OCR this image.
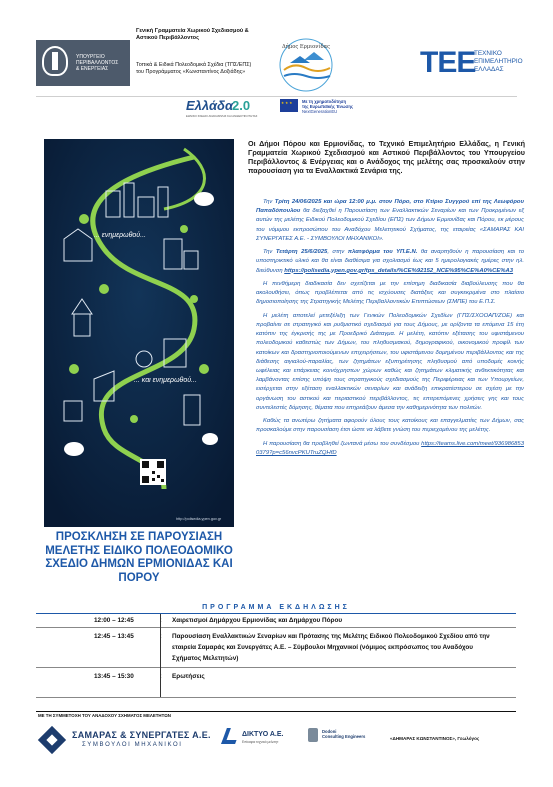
ΥΠΟΥΡΓΕΙΟ
ΠΕΡΙΒΑΛΛΟΝΤΟΣ
& ΕΝΕΡΓΕΙΑΣ
Γενική Γραμματεία Χωρικού Σχεδιασμού & Αστικού Περιβάλλοντος
Τοπικά & Ειδικά Πολεοδομικά Σχέδια (ΤΠΣ/ΕΠΣ) του Προγράμματος «Κωνσταντίνος Δοξιάδης»
Δήμος Ερμιονίδας	ΤΕΕ
ΤΕΧΝΙΚΟ
ΕΠΙΜΕΛΗΤΗΡΙΟ
ΕΛΛΑΔΑΣ
Ελλάδα
2.0
ΕΘΝΙΚΟ ΣΧΕΔΙΟ ΑΝΑΚΑΜΨΗΣ ΚΑΙ ΑΝΘΕΚΤΙΚΟΤΗΤΑΣ
★ ★ ★
Με τη χρηματοδότηση
της Ευρωπαϊκής Ένωσης
NextGenerationEU
... ενημερωθού...
... και ενημερωθού...
http://polisedia.ypen.gov.gr
ΠΡΟΣΚΛΗΣΗ ΣΕ ΠΑΡΟΥΣΙΑΣΗ ΜΕΛΕΤΗΣ ΕΙΔΙΚΟ ΠΟΛΕΟΔΟΜΙΚΟ ΣΧΕΔΙΟ ΔΗΜΩΝ ΕΡΜΙΟΝΙΔΑΣ ΚΑΙ ΠΟΡΟΥ
Οι Δήμοι Πόρου και Ερμιονίδας, το Τεχνικό Επιμελητήριο Ελλάδας, η Γενική Γραμματεία Χωρικού Σχεδιασμού και Αστικού Περιβάλλοντος του Υπουργείου Περιβάλλοντος & Ενέργειας και ο Ανάδοχος της μελέτης σας προσκαλούν στην παρουσίαση για τα Εναλλακτικά Σενάρια της.

Την Τρίτη 24/06/2025 και ώρα 12:00 μ.μ. στον Πόρο, στο Κτίριο Συγγρού επί της Λεωφόρου Παπαδόπουλου θα διεξαχθεί η Παρουσίαση των Εναλλακτικών Σεναρίων και των Προκριμένων εξ αυτών της μελέτης Ειδικού Πολεοδομικού Σχεδίου (ΕΠΣ) των Δήμων Ερμιονίδας και Πόρου, εκ μέρους του νόμιμου εκπροσώπου του Αναδόχου Μελετητικού Σχήματος, της εταιρείας «ΣΑΜΑΡΑΣ ΚΑΙ ΣΥΝΕΡΓΑΤΕΣ Α.Ε. - ΣΥΜΒΟΥΛΟΙ ΜΗΧΑΝΙΚΟΙ».

Την Τετάρτη 25/6/2025, στην πλατφόρμα του ΥΠ.Ε.Ν. θα αναρτηθούν η παρουσίαση και το υποστηρικτικό υλικό και θα είναι διαθέσιμα για σχολιασμό έως και 5 ημερολογιακές ημέρες στην ηλ. διεύθυνση https://polisedia.ypen.gov.gr/tps_details/%CE%92152_NCE%95%CE%A0%CE%A3

Η πενθήμερη διαδικασία δεν σχετίζεται με την επίσημη διαδικασία διαβούλευσης που θα ακολουθήσει, όπως προβλέπεται από τις ισχύουσες διατάξεις και συγκεκριμένα στο πλαίσιο δημοσιοποίησης της Στρατηγικής Μελέτης Περιβαλλοντικών Επιπτώσεων (ΣΜΠΕ) του Ε.Π.Σ.

Η μελέτη αποτελεί μετεξέλιξη των Γενικών Πολεοδομικών Σχεδίων (ΓΠΣ/ΣΧΟΟΑΠ/ΖΟΕ) και προβαίνει σε στρατηγικό και ρυθμιστικό σχεδιασμό για τους Δήμους, με ορίζοντα τα επόμενα 15 έτη κατόπιν της έγκρισής της με Προεδρικό Διάταγμα. Η μελέτη, κατόπιν εξέτασης του υφιστάμενου πολεοδομικού καθεστώς των Δήμων, του πληθυσμιακού, δημογραφικού, οικονομικού προφίλ των κατοίκων και δραστηριοποιούμενων επιχειρήσεων, του υφιστάμενου δομημένου περιβάλλοντος και της διάθεσης αιγιαλού-παραλίας, των ζητημάτων εξυπηρέτησης πληθυσμού από υποδομές κοινής ωφέλειας και επάρκειας κοινόχρηστων χώρων καθώς και ζητημάτων κλιματικής ανθεκτικότητας και λαμβάνοντας επίσης υπόψη τους στρατηγικούς σχεδιασμούς της Περιφέρειας και των Υπουργείων, εισέρχεται στην εξέταση εναλλακτικών σεναρίων και ανάδειξη επικρατέστερου σε σχέση με την οργάνωση του αστικού και περιαστικού περιβάλλοντος, τις επιτρεπόμενες χρήσεις γης και τους συντελεστές δόμησης, θέματα που επηρεάζουν άμεσα την καθημερινότητα των πολιτών.

Καθώς τα ανωτέρω ζητήματα αφορούν όλους τους κατοίκους και επαγγελματίες των Δήμων, σας προσκαλούμε στην παρουσίαση έτσι ώστε να λάβετε γνώση του περιεχομένου της μελέτης.

Η παρουσίαση θα προβληθεί ζωντανά μέσω του συνδέσμου https://teams.live.com/meet/9369868530379?p=c56nvcPKUTruZQHfD

ΠΡΟΓΡΑΜΜΑ ΕΚΔΗΛΩΣΗΣ
12:00 – 12:45	Χαιρετισμοί Δημάρχου Ερμιονίδας και Δημάρχου Πόρου
12:45 – 13:45	Παρουσίαση Εναλλακτικών Σεναρίων και Πρότασης της Μελέτης Ειδικού Πολεοδομικού Σχεδίου από την εταιρεία Σαμαράς και Συνεργάτες Α.Ε. – Σύμβουλοι Μηχανικοί (νόμιμος εκπρόσωπος του Αναδόχου Σχήματος Μελετητών)
13:45 – 15:30	Ερωτήσεις
ΜΕ ΤΗ ΣΥΜΜΕΤΟΧΗ ΤΟΥ ΑΝΑΔΟΧΟΥ ΣΧΗΜΑΤΟΣ ΜΕΛΕΤΗΤΩΝ
ΣΑΜΑΡΑΣ & ΣΥΝΕΡΓΑΤΕΣ Α.Ε.
ΣΥΜΒΟΥΛΟΙ ΜΗΧΑΝΙΚΟΙ
ΔΙΚΤΥΟ Α.Ε.
Επίκαιρα τεχνικά μελετητ
Dodoni
Consulting Engineers	«ΔΗΜΑΡΑΣ ΚΩΝΣΤΑΝΤΙΝΟΣ», Γεωλόγος
